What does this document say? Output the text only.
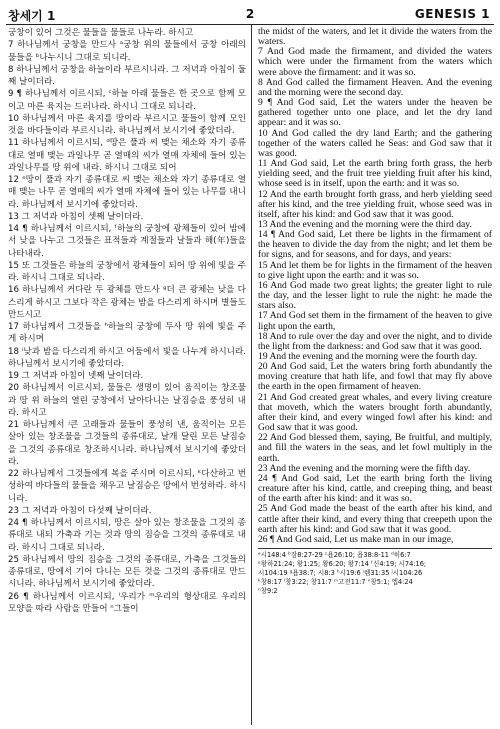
창세기 1	2	GENESIS 1

궁창이 있어 그것은 물들을 물들로 나누라. 하시고

7 하나님께서 궁창을 만드사 ᵃ궁창 위의 물들에서 궁창 아래의 물들을 ᵇ나누시니 그대로 되니라.

8 하나님께서 궁창을 하늘이라 부르시니라. 그 저녁과 아침이 둘째 날이더라.

9 ¶ 하나님께서 이르시되, ᶜ하늘 아래 물들은 한 곳으로 함께 모이고 마른 육지는 드러나라. 하시니 그대로 되니라.

10 하나님께서 마른 육지를 땅이라 부르시고 물들이 함께 모인 것을 바다들이라 부르시니라. 하나님께서 보시기에 좋았더라.

11 하나님께서 이르시되, ᵈ땅은 풀과 씨 맺는 채소와 자기 종류대로 열매 맺는 과일나무 곧 열매의 씨가 열매 자체에 들어 있는 과일나무를 땅 위에 내라. 하시니 그대로 되어

12 ᵉ땅이 풀과 자기 종류대로 씨 맺는 채소와 자기 종류대로 열매 맺는 나무 곧 열매의 씨가 열매 자체에 들어 있는 나무를 내니라. 하나님께서 보시기에 좋았더라.

13 그 저녁과 아침이 셋째 날이더라.

14 ¶ 하나님께서 이르시되, ᶠ하늘의 궁창에 광체들이 있어 밤에서 낮을 나누고 그것들은 표적들과 계절들과 날들과 해(年)들을 나타내라.

15 또 그것들은 하늘의 궁창에서 광체들이 되어 땅 위에 빛을 주라. 하시니 그대로 되니라.

16 하나님께서 커다란 두 광체를 만드사 ᵍ더 큰 광체는 낮을 다스리게 하시고 그보다 작은 광체는 밤을 다스리게 하시며 별들도 만드시고

17 하나님께서 그것들을 ʰ하늘의 궁창에 두사 땅 위에 빛을 주게 하시며

18 ⁱ낮과 밤을 다스리게 하시고 어둠에서 빛을 나누게 하시니라. 하나님께서 보시기에 좋았더라.

19 그 저녁과 아침이 넷째 날이더라.

20 하나님께서 이르시되, 물들은 생명이 있어 움직이는 창조물과 땅 위 하늘의 열린 궁창에서 날아다니는 날짐승을 풍성히 내라. 하시고

21 하나님께서 ʲ큰 고래들과 물들이 풍성히 낸, 움직이는 모든 살아 있는 창조물을 그것들의 종류대로, 날개 달린 모든 날짐승을 그것의 종류대로 창조하시니라. 하나님께서 보시기에 좋았더라.

22 하나님께서 그것들에게 복을 주시며 이르시되, ᵏ다산하고 번성하여 바다들의 물들을 채우고 날짐승은 땅에서 번성하라. 하시니라.

23 그 저녁과 아침이 다섯째 날이더라.

24 ¶ 하나님께서 이르시되, 땅은 살아 있는 창조물을 그것의 종류대로 내되 가축과 기는 것과 땅의 짐승을 그것의 종류대로 내라. 하시니 그대로 되니라.

25 하나님께서 땅의 짐승을 그것의 종류대로, 가축을 그것들의 종류대로, 땅에서 기어 다니는 모든 것을 그것의 종류대로 만드시니라. 하나님께서 보시기에 좋았더라.

26 ¶ 하나님께서 이르시되, ˡ우리가 ᵐ우리의 형상대로 우리의 모양을 따라 사람을 만들어 ⁿ그들이

the midst of the waters, and let it divide the waters from the waters.

7 And God made the firmament, and divided the waters which were under the firmament from the waters which were above the firmament: and it was so.

8 And God called the firmament Heaven. And the evening and the morning were the second day.

9 ¶ And God said, Let the waters under the heaven be gathered together unto one place, and let the dry land appear: and it was so.

10 And God called the dry land Earth; and the gathering together of the waters called he Seas: and God saw that it was good.

11 And God said, Let the earth bring forth grass, the herb yielding seed, and the fruit tree yielding fruit after his kind, whose seed is in itself, upon the earth: and it was so.

12 And the earth brought forth grass, and herb yielding seed after his kind, and the tree yielding fruit, whose seed was in itself, after his kind: and God saw that it was good.

13 And the evening and the morning were the third day.

14 ¶ And God said, Let there be lights in the firmament of the heaven to divide the day from the night; and let them be for signs, and for seasons, and for days, and years:

15 And let them be for lights in the firmament of the heaven to give light upon the earth: and it was so.

16 And God made two great lights; the greater light to rule the day, and the lesser light to rule the night: he made the stars also.

17 And God set them in the firmament of the heaven to give light upon the earth,

18 And to rule over the day and over the night, and to divide the light from the darkness: and God saw that it was good.

19 And the evening and the morning were the fourth day.

20 And God said, Let the waters bring forth abundantly the moving creature that hath life, and fowl that may fly above the earth in the open firmament of heaven.

21 And God created great whales, and every living creature that moveth, which the waters brought forth abundantly, after their kind, and every winged fowl after his kind: and God saw that it was good.

22 And God blessed them, saying, Be fruitful, and multiply, and fill the waters in the seas, and let fowl multiply in the earth.

23 And the evening and the morning were the fifth day.

24 ¶ And God said, Let the earth bring forth the living creature after his kind, cattle, and creeping thing, and beast of the earth after his kind: and it was so.

25 And God made the beast of the earth after his kind, and cattle after their kind, and every thing that creepeth upon the earth after his kind: and God saw that it was good.

26 ¶ And God said, Let us make man in our image,

ᵃ시148:4 ᵇ잠8:27-29 ᶜ욥26:10; 욥38:8-11 ᵈ히6:7

ᵉ왕하21:24; 왕1:25; 왕6:20; 왕7:14 ᶠ신4:19; 시74:16;

시104:19 ᵍ욥38:7; 시8:3 ʰ시19:6 ⁱ렘31:35 ʲ시104:26

ᵏ창8:17 ˡ창3:22; 창11:7 ᵐ고전11:7 ⁿ창5:1; 엡4:24

ⁿ창9:2
